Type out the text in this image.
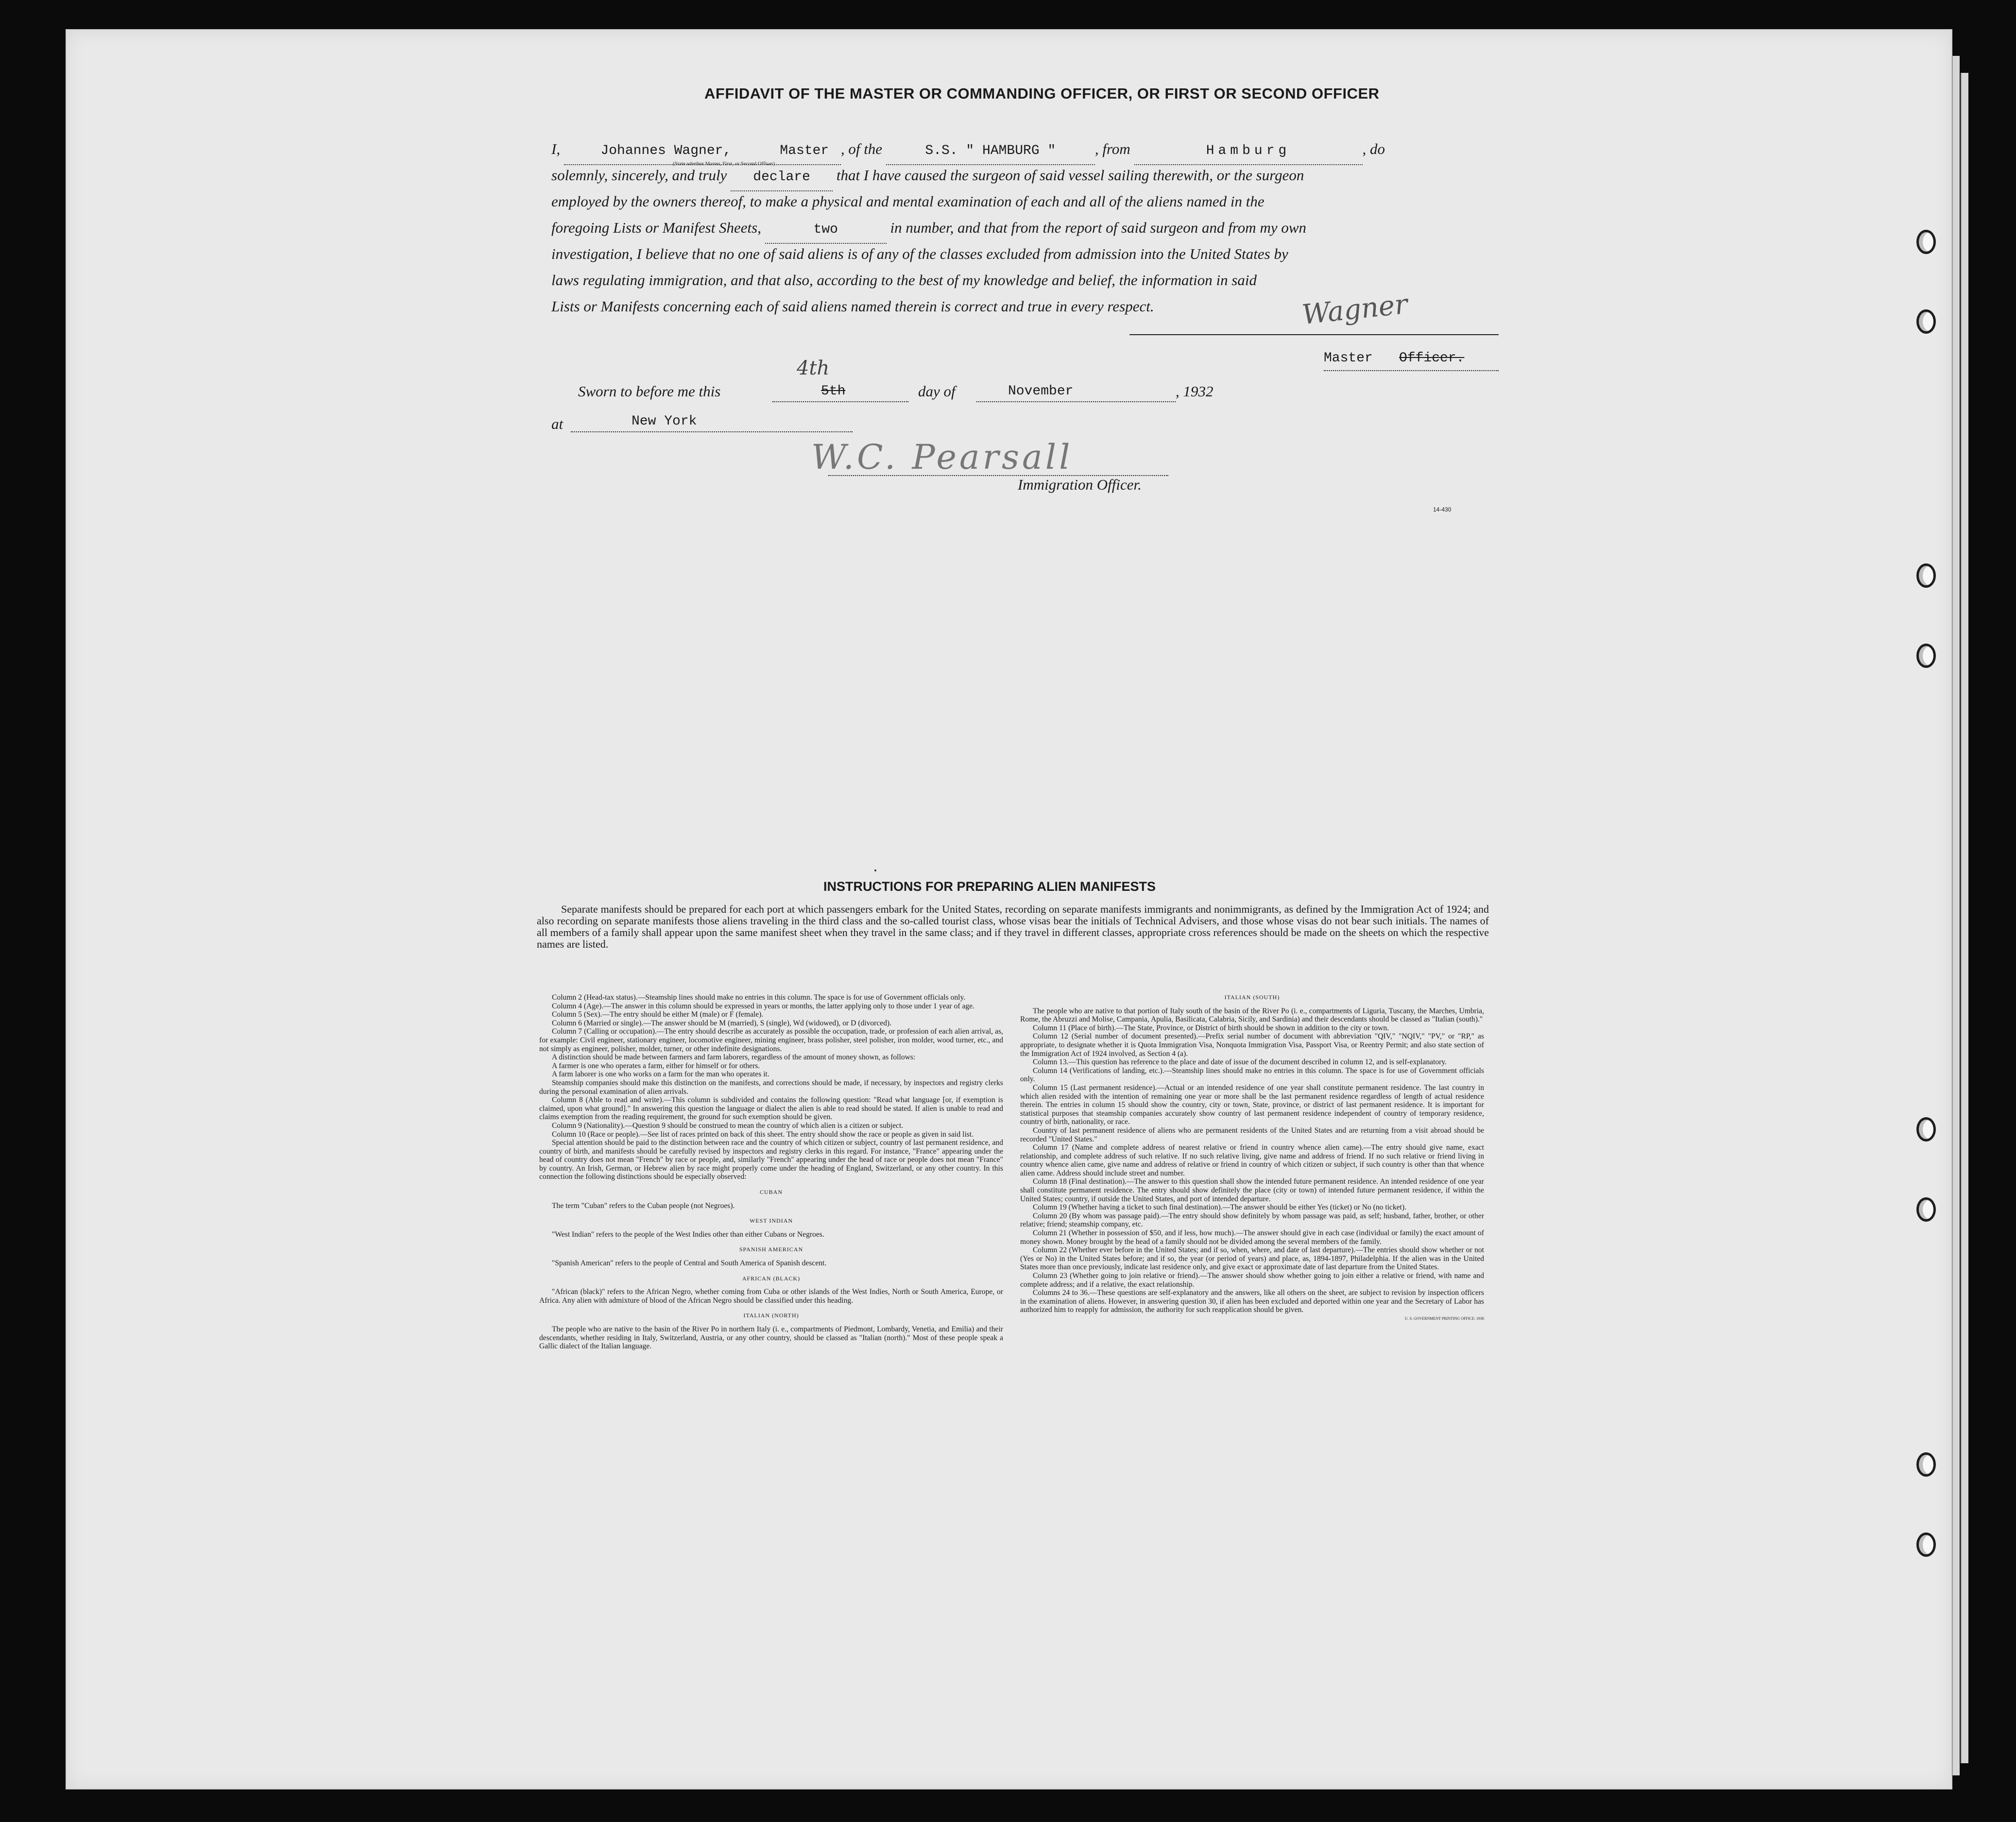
AFFIDAVIT OF THE MASTER OR COMMANDING OFFICER, OR FIRST OR SECOND OFFICER
I,	Johannes Wagner,	Master , of the	S.S. " HAMBURG "	, from	Hamburg	, do
(State whether Master, First, or Second Officer)
solemnly, sincerely, and truly declare that I have caused the surgeon of said vessel sailing therewith, or the surgeon
employed by the owners thereof, to make a physical and mental examination of each and all of the aliens named in the
foregoing Lists or Manifest Sheets,	two	in number, and that from the report of said surgeon and from my own
investigation, I believe that no one of said aliens is of any of the classes excluded from admission into the United States by
laws regulating immigration, and that also, according to the best of my knowledge and belief, the information in said
Lists or Manifests concerning each of said aliens named therein is correct and true in every respect.	Wagner
Master Officer.
Sworn to before me this
4th
5th	day of	November	, 1932
at	New York
W.C. Pearsall
Immigration Officer.
14-430
INSTRUCTIONS FOR PREPARING ALIEN MANIFESTS
Separate manifests should be prepared for each port at which passengers embark for the United States, recording on separate manifests immigrants and nonimmigrants, as defined by the Immigration Act of 1924; and also recording on separate manifests those aliens traveling in the third class and the so-called tourist class, whose visas bear the initials of Technical Advisers, and those whose visas do not bear such initials. The names of all members of a family shall appear upon the same manifest sheet when they travel in the same class; and if they travel in different classes, appropriate cross references should be made on the sheets on which the respective names are listed.

Column 2 (Head-tax status).—Steamship lines should make no entries in this column. The space is for use of Government officials only.

Column 4 (Age).—The answer in this column should be expressed in years or months, the latter applying only to those under 1 year of age.

Column 5 (Sex).—The entry should be either M (male) or F (female).

Column 6 (Married or single).—The answer should be M (married), S (single), Wd (widowed), or D (divorced).

Column 7 (Calling or occupation).—The entry should describe as accurately as possible the occupation, trade, or profession of each alien arrival, as, for example: Civil engineer, stationary engineer, locomotive engineer, mining engineer, brass polisher, steel polisher, iron molder, wood turner, etc., and not simply as engineer, polisher, molder, turner, or other indefinite designations.

A distinction should be made between farmers and farm laborers, regardless of the amount of money shown, as follows:

A farmer is one who operates a farm, either for himself or for others.

A farm laborer is one who works on a farm for the man who operates it.

Steamship companies should make this distinction on the manifests, and corrections should be made, if necessary, by inspectors and registry clerks during the personal examination of alien arrivals.

Column 8 (Able to read and write).—This column is subdivided and contains the following question: "Read what language [or, if exemption is claimed, upon what ground]." In answering this question the language or dialect the alien is able to read should be stated. If alien is unable to read and claims exemption from the reading requirement, the ground for such exemption should be given.

Column 9 (Nationality).—Question 9 should be construed to mean the country of which alien is a citizen or subject.

Column 10 (Race or people).—See list of races printed on back of this sheet. The entry should show the race or people as given in said list.

Special attention should be paid to the distinction between race and the country of which citizen or subject, country of last permanent residence, and country of birth, and manifests should be carefully revised by inspectors and registry clerks in this regard. For instance, "France" appearing under the head of country does not mean "French" by race or people, and, similarly "French" appearing under the head of race or people does not mean "France" by country. An Irish, German, or Hebrew alien by race might properly come under the heading of England, Switzerland, or any other country. In this connection the following distinctions should be especially observed:

CUBAN

The term "Cuban" refers to the Cuban people (not Negroes).

WEST INDIAN

"West Indian" refers to the people of the West Indies other than either Cubans or Negroes.

SPANISH AMERICAN

"Spanish American" refers to the people of Central and South America of Spanish descent.

AFRICAN (BLACK)

"African (black)" refers to the African Negro, whether coming from Cuba or other islands of the West Indies, North or South America, Europe, or Africa. Any alien with admixture of blood of the African Negro should be classified under this heading.

ITALIAN (NORTH)

The people who are native to the basin of the River Po in northern Italy (i. e., compartments of Piedmont, Lombardy, Venetia, and Emilia) and their descendants, whether residing in Italy, Switzerland, Austria, or any other country, should be classed as "Italian (north)." Most of these people speak a Gallic dialect of the Italian language.

ITALIAN (SOUTH)

The people who are native to that portion of Italy south of the basin of the River Po (i. e., compartments of Liguria, Tuscany, the Marches, Umbria, Rome, the Abruzzi and Molise, Campania, Apulia, Basilicata, Calabria, Sicily, and Sardinia) and their descendants should be classed as "Italian (south)."

Column 11 (Place of birth).—The State, Province, or District of birth should be shown in addition to the city or town.

Column 12 (Serial number of document presented).—Prefix serial number of document with abbreviation "QIV," "NQIV," "PV," or "RP," as appropriate, to designate whether it is Quota Immigration Visa, Nonquota Immigration Visa, Passport Visa, or Reentry Permit; and also state section of the Immigration Act of 1924 involved, as Section 4 (a).

Column 13.—This question has reference to the place and date of issue of the document described in column 12, and is self-explanatory.

Column 14 (Verifications of landing, etc.).—Steamship lines should make no entries in this column. The space is for use of Government officials only.

Column 15 (Last permanent residence).—Actual or an intended residence of one year shall constitute permanent residence. The last country in which alien resided with the intention of remaining one year or more shall be the last permanent residence regardless of length of actual residence therein. The entries in column 15 should show the country, city or town, State, province, or district of last permanent residence. It is important for statistical purposes that steamship companies accurately show country of last permanent residence independent of country of temporary residence, country of birth, nationality, or race.

Country of last permanent residence of aliens who are permanent residents of the United States and are returning from a visit abroad should be recorded "United States."

Column 17 (Name and complete address of nearest relative or friend in country whence alien came).—The entry should give name, exact relationship, and complete address of such relative. If no such relative living, give name and address of friend. If no such relative or friend living in country whence alien came, give name and address of relative or friend in country of which citizen or subject, if such country is other than that whence alien came. Address should include street and number.

Column 18 (Final destination).—The answer to this question shall show the intended future permanent residence. An intended residence of one year shall constitute permanent residence. The entry should show definitely the place (city or town) of intended future permanent residence, if within the United States; country, if outside the United States, and port of intended departure.

Column 19 (Whether having a ticket to such final destination).—The answer should be either Yes (ticket) or No (no ticket).

Column 20 (By whom was passage paid).—The entry should show definitely by whom passage was paid, as self; husband, father, brother, or other relative; friend; steamship company, etc.

Column 21 (Whether in possession of $50, and if less, how much).—The answer should give in each case (individual or family) the exact amount of money shown. Money brought by the head of a family should not be divided among the several members of the family.

Column 22 (Whether ever before in the United States; and if so, when, where, and date of last departure).—The entries should show whether or not (Yes or No) in the United States before; and if so, the year (or period of years) and place, as, 1894-1897, Philadelphia. If the alien was in the United States more than once previously, indicate last residence only, and give exact or approximate date of last departure from the United States.

Column 23 (Whether going to join relative or friend).—The answer should show whether going to join either a relative or friend, with name and complete address; and if a relative, the exact relationship.

Columns 24 to 36.—These questions are self-explanatory and the answers, like all others on the sheet, are subject to revision by inspection officers in the examination of aliens. However, in answering question 30, if alien has been excluded and deported within one year and the Secretary of Labor has authorized him to reapply for admission, the authority for such reapplication should be given.

U. S. GOVERNMENT PRINTING OFFICE: 1930
